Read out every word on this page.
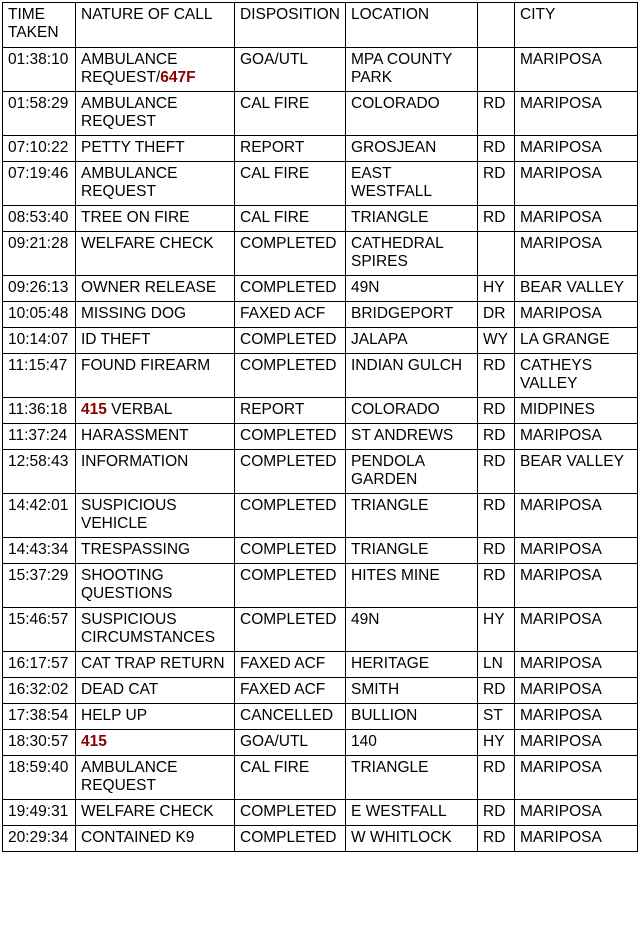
TIME TAKEN	NATURE OF CALL	DISPOSITION	LOCATION		CITY
01:38:10	AMBULANCE REQUEST/647F	GOA/UTL	MPA COUNTY PARK		MARIPOSA
01:58:29	AMBULANCE REQUEST	CAL FIRE	COLORADO	RD	MARIPOSA
07:10:22	PETTY THEFT	REPORT	GROSJEAN	RD	MARIPOSA
07:19:46	AMBULANCE REQUEST	CAL FIRE	EAST WESTFALL	RD	MARIPOSA
08:53:40	TREE ON FIRE	CAL FIRE	TRIANGLE	RD	MARIPOSA
09:21:28	WELFARE CHECK	COMPLETED	CATHEDRAL SPIRES		MARIPOSA
09:26:13	OWNER RELEASE	COMPLETED	49N	HY	BEAR VALLEY
10:05:48	MISSING DOG	FAXED ACF	BRIDGEPORT	DR	MARIPOSA
10:14:07	ID THEFT	COMPLETED	JALAPA	WY	LA GRANGE
11:15:47	FOUND FIREARM	COMPLETED	INDIAN GULCH	RD	CATHEYS VALLEY
11:36:18	415 VERBAL	REPORT	COLORADO	RD	MIDPINES
11:37:24	HARASSMENT	COMPLETED	ST ANDREWS	RD	MARIPOSA
12:58:43	INFORMATION	COMPLETED	PENDOLA GARDEN	RD	BEAR VALLEY
14:42:01	SUSPICIOUS VEHICLE	COMPLETED	TRIANGLE	RD	MARIPOSA
14:43:34	TRESPASSING	COMPLETED	TRIANGLE	RD	MARIPOSA
15:37:29	SHOOTING QUESTIONS	COMPLETED	HITES MINE	RD	MARIPOSA
15:46:57	SUSPICIOUS CIRCUMSTANCES	COMPLETED	49N	HY	MARIPOSA
16:17:57	CAT TRAP RETURN	FAXED ACF	HERITAGE	LN	MARIPOSA
16:32:02	DEAD CAT	FAXED ACF	SMITH	RD	MARIPOSA
17:38:54	HELP UP	CANCELLED	BULLION	ST	MARIPOSA
18:30:57	415	GOA/UTL	140	HY	MARIPOSA
18:59:40	AMBULANCE REQUEST	CAL FIRE	TRIANGLE	RD	MARIPOSA
19:49:31	WELFARE CHECK	COMPLETED	E WESTFALL	RD	MARIPOSA
20:29:34	CONTAINED K9	COMPLETED	W WHITLOCK	RD	MARIPOSA
